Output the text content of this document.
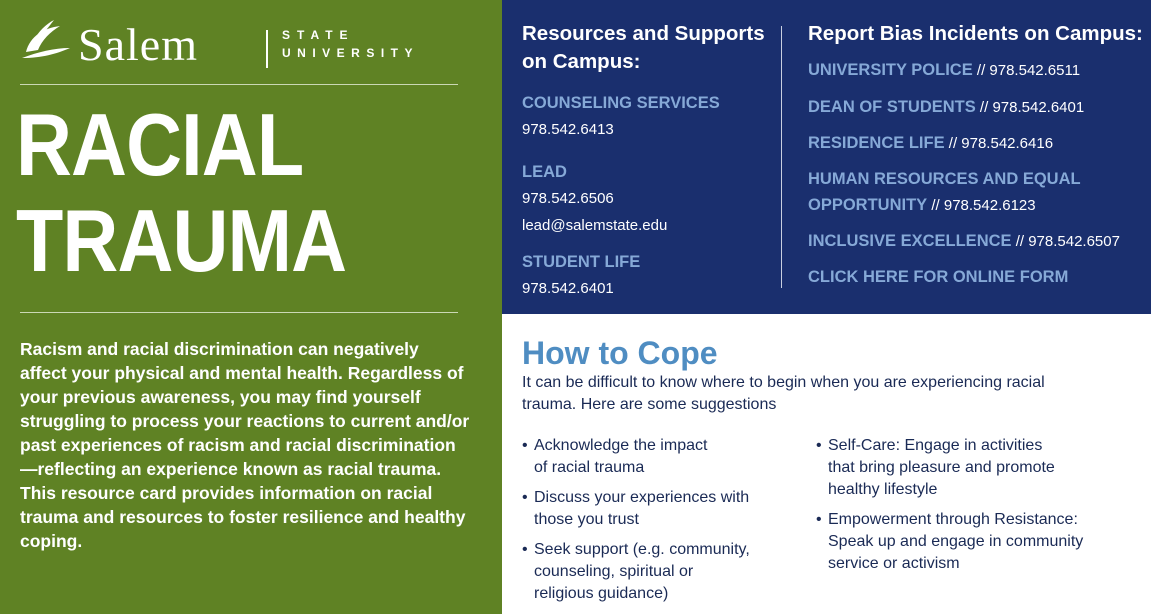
Salem	STATE
UNIVERSITY
RACIAL
TRAUMA
Racism and racial discrimination can negatively affect your physical and mental health. Regardless of your previous awareness, you may find yourself struggling to process your reactions to current and/or past experiences of racism and racial discrimination—reflecting an experience known as racial trauma. This resource card provides information on racial trauma and resources to foster resilience and healthy coping.
Resources and Supports
on Campus:
COUNSELING SERVICES
978.542.6413
LEAD
978.542.6506
lead@salemstate.edu
STUDENT LIFE
978.542.6401
Report Bias Incidents on Campus:
UNIVERSITY POLICE // 978.542.6511
DEAN OF STUDENTS // 978.542.6401
RESIDENCE LIFE // 978.542.6416
HUMAN RESOURCES AND EQUAL
OPPORTUNITY // 978.542.6123
INCLUSIVE EXCELLENCE // 978.542.6507
CLICK HERE FOR ONLINE FORM
How to Cope
It can be difficult to know where to begin when you are experiencing racial
trauma. Here are some suggestions
• Acknowledge the impact
of racial trauma
• Discuss your experiences with
those you trust
• Seek support (e.g. community,
counseling, spiritual or
religious guidance)
• Self-Care: Engage in activities
that bring pleasure and promote
healthy lifestyle
• Empowerment through Resistance:
Speak up and engage in community
service or activism
